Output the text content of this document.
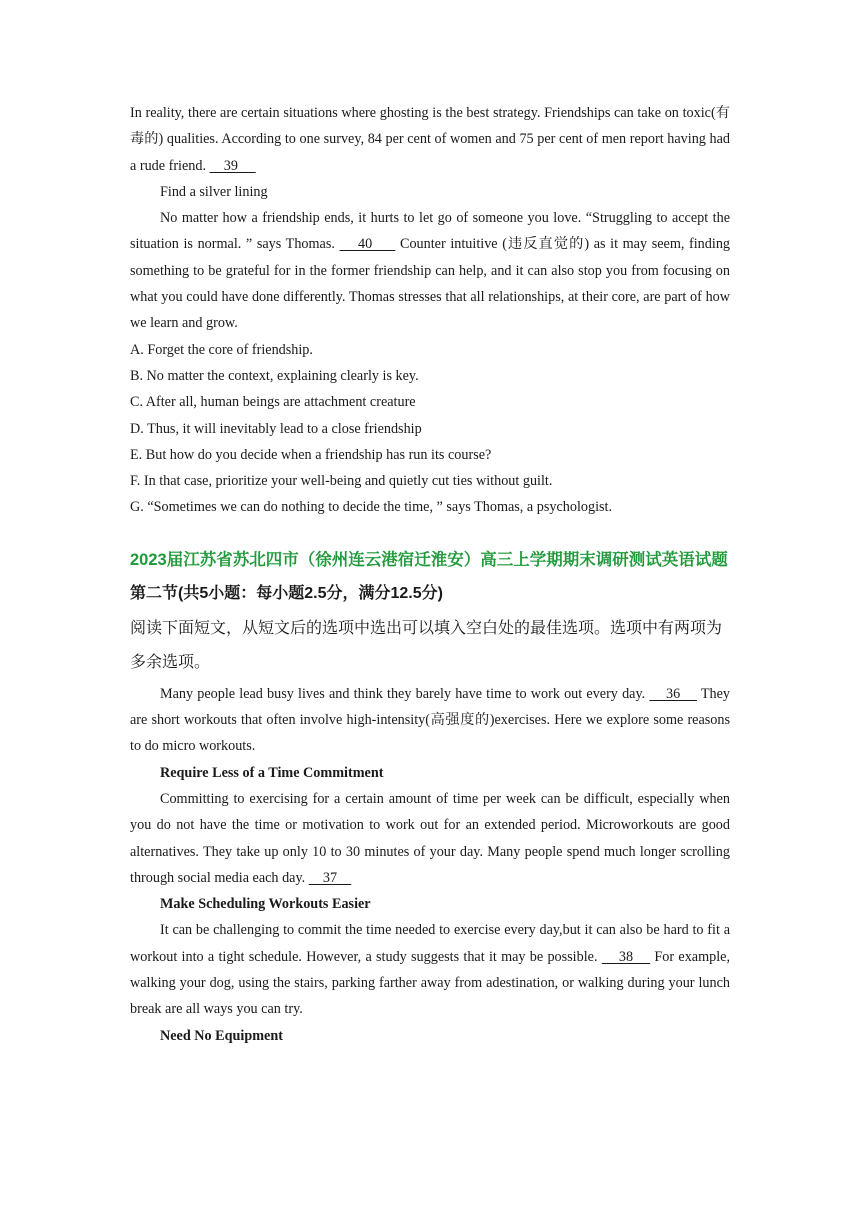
In reality, there are certain situations where ghosting is the best strategy. Friendships can take on toxic(有毒的) qualities. According to one survey, 84 per cent of women and 75 per cent of men report having had a rude friend.     39

Find a silver lining

No matter how a friendship ends, it hurts to let go of someone you love. “Struggling to accept the situation is normal. ” says Thomas.     40      Counter intuitive (违反直觉的) as it may seem, finding something to be grateful for in the former friendship can help, and it can also stop you from focusing on what you could have done differently. Thomas stresses that all relationships, at their core, are part of how we learn and grow.

A. Forget the core of friendship.

B. No matter the context, explaining clearly is key.

C. After all, human beings are attachment creature

D. Thus, it will inevitably lead to a close friendship

E. But how do you decide when a friendship has run its course?

F. In that case, prioritize your well-being and quietly cut ties without guilt.

G. “Sometimes we can do nothing to decide the time, ” says Thomas, a psychologist.

2023届江苏省苏北四市（徐州连云港宿迁淮安）高三上学期期末调研测试英语试题

第二节(共5小题：每小题2.5分，满分12.5分)

阅读下面短文，从短文后的选项中选出可以填入空白处的最佳选项。选项中有两项为多余选项。

Many people lead busy lives and think they barely have time to work out every day.     36     They are short workouts that often involve high-intensity(高强度的)exercises. Here we explore some reasons to do micro workouts.

Require Less of a Time Commitment

Committing to exercising for a certain amount of time per week can be difficult, especially when you do not have the time or motivation to work out for an extended period. Microworkouts are good alternatives. They take up only 10 to 30 minutes of your day. Many people spend much longer scrolling through social media each day.     37

Make Scheduling Workouts Easier

It can be challenging to commit the time needed to exercise every day,but it can also be hard to fit a workout into a tight schedule. However, a study suggests that it may be possible.     38     For example, walking your dog, using the stairs, parking farther away from adestination, or walking during your lunch break are all ways you can try.

Need No Equipment
